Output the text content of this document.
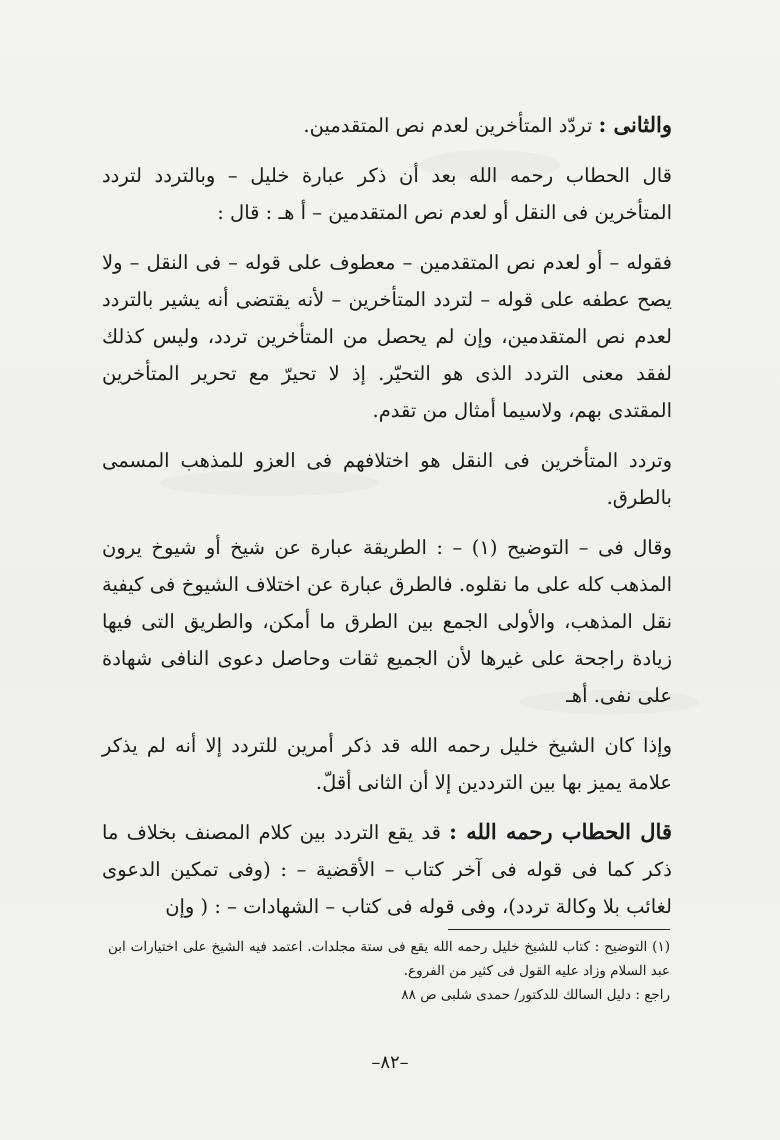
والثانى : تردّد المتأخرين لعدم نص المتقدمين.

قال الحطاب رحمه الله بعد أن ذكر عبارة خليل – وبالتردد لتردد المتأخرين فى النقل أو لعدم نص المتقدمين – أ هـ : قال :

فقوله – أو لعدم نص المتقدمين – معطوف على قوله – فى النقل – ولا يصح عطفه على قوله – لتردد المتأخرين – لأنه يقتضى أنه يشير بالتردد لعدم نص المتقدمين، وإن لم يحصل من المتأخرين تردد، وليس كذلك لفقد معنى التردد الذى هو التحيّر. إذ لا تحيرّ مع تحرير المتأخرين المقتدى بهم، ولاسيما أمثال من تقدم.

وتردد المتأخرين فى النقل هو اختلافهم فى العزو للمذهب المسمى بالطرق.

وقال فى – التوضيح (١) – : الطريقة عبارة عن شيخ أو شيوخ يرون المذهب كله على ما نقلوه. فالطرق عبارة عن اختلاف الشيوخ فى كيفية نقل المذهب، والأولى الجمع بين الطرق ما أمكن، والطريق التى فيها زيادة راجحة على غيرها لأن الجميع ثقات وحاصل دعوى النافى شهادة على نفى. أهـ

وإذا كان الشيخ خليل رحمه الله قد ذكر أمرين للتردد إلا أنه لم يذكر علامة يميز بها بين الترددين إلا أن الثانى أقلّ.

قال الحطاب رحمه الله : قد يقع التردد بين كلام المصنف بخلاف ما ذكر كما فى قوله فى آخر كتاب – الأقضية – : (وفى تمكين الدعوى لغائب بلا وكالة تردد)، وفى قوله فى كتاب – الشهادات – : ( وإن

(١) التوضيح : كتاب للشيخ خليل رحمه الله يقع فى ستة مجلدات. اعتمد فيه الشيخ على اختيارات ابن عبد السلام وزاد عليه القول فى كثير من الفروع.

راجع : دليل السالك للدكتور/ حمدى شلبى ص ٨٨

–٨٢–
